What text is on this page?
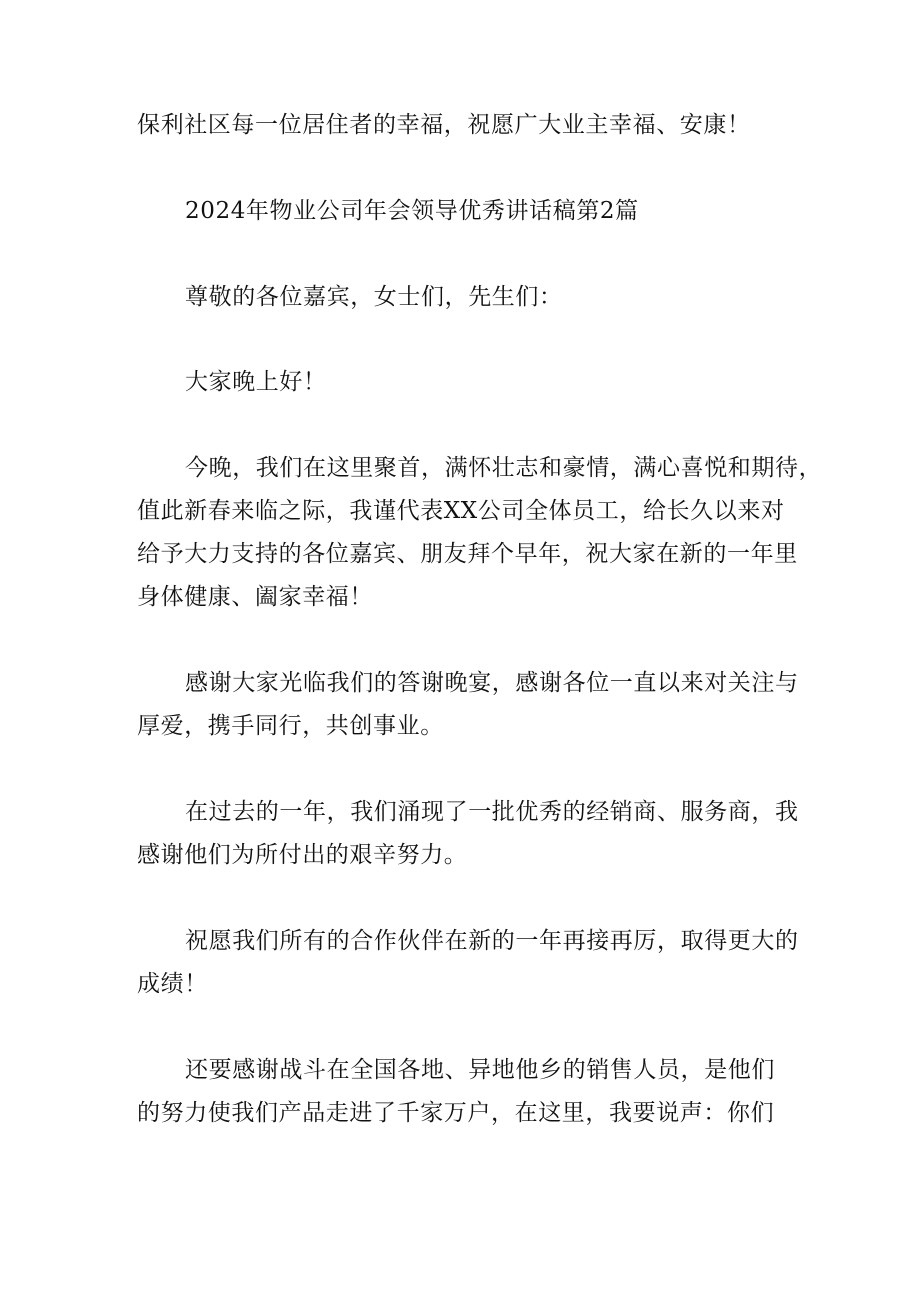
保利社区每一位居住者的幸福，祝愿广大业主幸福、安康！
2024年物业公司年会领导优秀讲话稿第2篇
尊敬的各位嘉宾，女士们，先生们：
大家晚上好！
今晚，我们在这里聚首，满怀壮志和豪情，满心喜悦和期待，
值此新春来临之际，我谨代表XX公司全体员工，给长久以来对
给予大力支持的各位嘉宾、朋友拜个早年，祝大家在新的一年里
身体健康、阖家幸福！
感谢大家光临我们的答谢晚宴，感谢各位一直以来对关注与
厚爱，携手同行，共创事业。
在过去的一年，我们涌现了一批优秀的经销商、服务商，我
感谢他们为所付出的艰辛努力。
祝愿我们所有的合作伙伴在新的一年再接再厉，取得更大的
成绩！
还要感谢战斗在全国各地、异地他乡的销售人员，是他们
的努力使我们产品走进了千家万户，在这里，我要说声：你们
